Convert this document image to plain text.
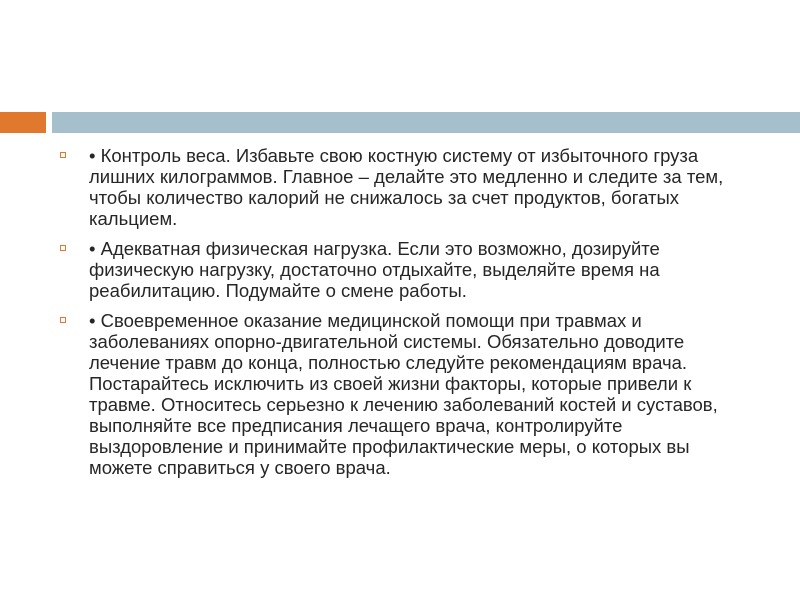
• Контроль веса. Избавьте свою костную систему от избыточного груза лишних килограммов. Главное – делайте это медленно и следите за тем, чтобы количество калорий не снижалось за счет продуктов, богатых кальцием.
• Адекватная физическая нагрузка. Если это возможно, дозируйте физическую нагрузку, достаточно отдыхайте, выделяйте время на реабилитацию. Подумайте о смене работы.
• Своевременное оказание медицинской помощи при травмах и заболеваниях опорно-двигательной системы. Обязательно доводите лечение травм до конца, полностью следуйте рекомендациям врача. Постарайтесь исключить из своей жизни факторы, которые привели к травме. Относитесь серьезно к лечению заболеваний костей и суставов, выполняйте все предписания лечащего врача, контролируйте выздоровление и принимайте профилактические меры, о которых вы можете справиться у своего врача.
